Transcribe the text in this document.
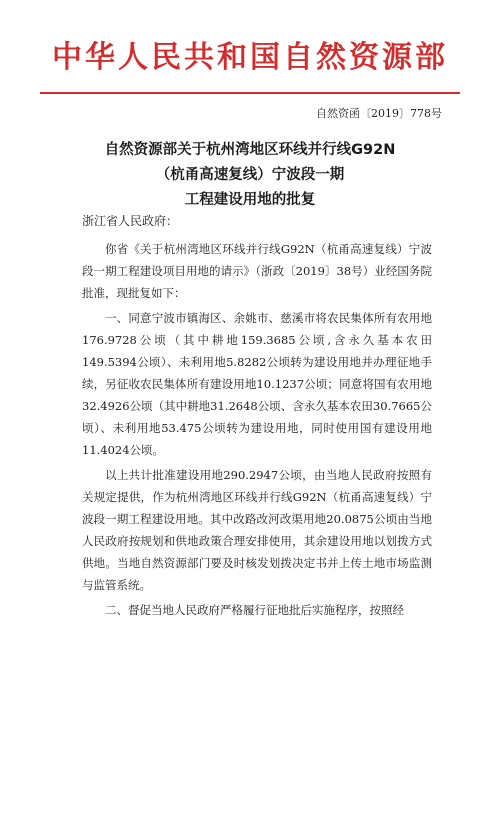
中华人民共和国自然资源部
自然资函〔2019〕778号
自然资源部关于杭州湾地区环线并行线G92N
（杭甬高速复线）宁波段一期
工程建设用地的批复
浙江省人民政府：

你省《关于杭州湾地区环线并行线G92N（杭甬高速复线）宁波段一期工程建设项目用地的请示》（浙政〔2019〕38号）业经国务院批准，现批复如下：

一、同意宁波市镇海区、余姚市、慈溪市将农民集体所有农用地176.9728公顷（其中耕地159.3685公顷,含永久基本农田149.5394公顷）、未利用地5.8282公顷转为建设用地并办理征地手续，另征收农民集体所有建设用地10.1237公顷；同意将国有农用地32.4926公顷（其中耕地31.2648公顷、含永久基本农田30.7665公顷）、未利用地53.475公顷转为建设用地，同时使用国有建设用地11.4024公顷。

以上共计批准建设用地290.2947公顷，由当地人民政府按照有关规定提供，作为杭州湾地区环线并行线G92N（杭甬高速复线）宁波段一期工程建设用地。其中改路改河改渠用地20.0875公顷由当地人民政府按规划和供地政策合理安排使用，其余建设用地以划拨方式供地。当地自然资源部门要及时核发划拨决定书并上传土地市场监测与监管系统。

二、督促当地人民政府严格履行征地批后实施程序，按照经
